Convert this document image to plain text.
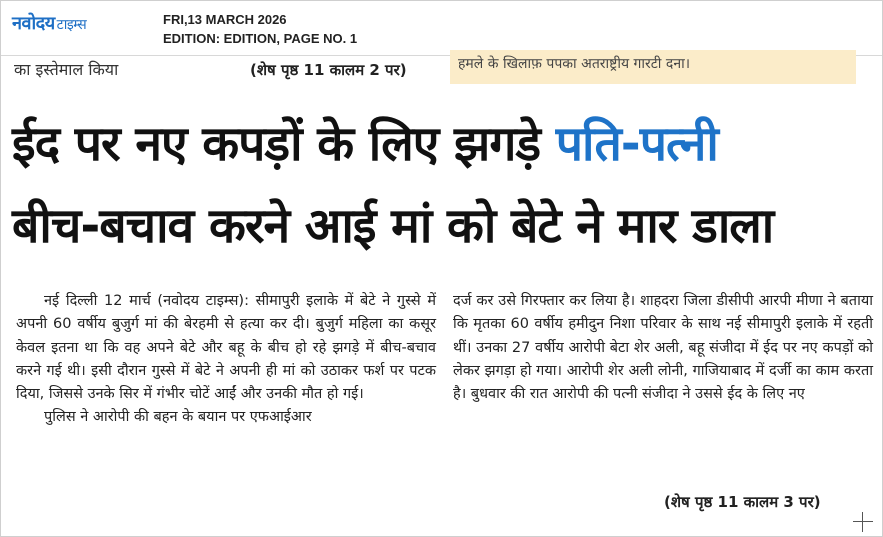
नवोदय टाइम्स	FRI,13 MARCH 2026
EDITION: EDITION, PAGE NO. 1
का इस्तेमाल किया	(शेष पृष्ठ 11 कालम 2 पर)	हमले के खिलाफ़ पपका अतराष्ट्रीय गारटी दना।
ईद पर नए कपड़ों के लिए झगड़े पति-पत्नी
बीच-बचाव करने आई मां को बेटे ने मार डाला

नई दिल्ली 12 मार्च (नवोदय टाइम्स): सीमापुरी इलाके में बेटे ने गुस्से में अपनी 60 वर्षीय बुजुर्ग मां की बेरहमी से हत्या कर दी। बुजुर्ग महिला का कसूर केवल इतना था कि वह अपने बेटे और बहू के बीच हो रहे झगड़े में बीच-बचाव करने गई थी। इसी दौरान गुस्से में बेटे ने अपनी ही मां को उठाकर फर्श पर पटक दिया, जिससे उनके सिर में गंभीर चोटें आईं और उनकी मौत हो गई।

पुलिस ने आरोपी की बहन के बयान पर एफआईआर

दर्ज कर उसे गिरफ्तार कर लिया है। शाहदरा जिला डीसीपी आरपी मीणा ने बताया कि मृतका 60 वर्षीय हमीदुन निशा परिवार के साथ नई सीमापुरी इलाके में रहती थीं। उनका 27 वर्षीय आरोपी बेटा शेर अली, बहू संजीदा में ईद पर नए कपड़ों को लेकर झगड़ा हो गया। आरोपी शेर अली लोनी, गाजियाबाद में दर्जी का काम करता है। बुधवार की रात आरोपी की पत्नी संजीदा ने उससे ईद के लिए नए

(शेष पृष्ठ 11 कालम 3 पर)
